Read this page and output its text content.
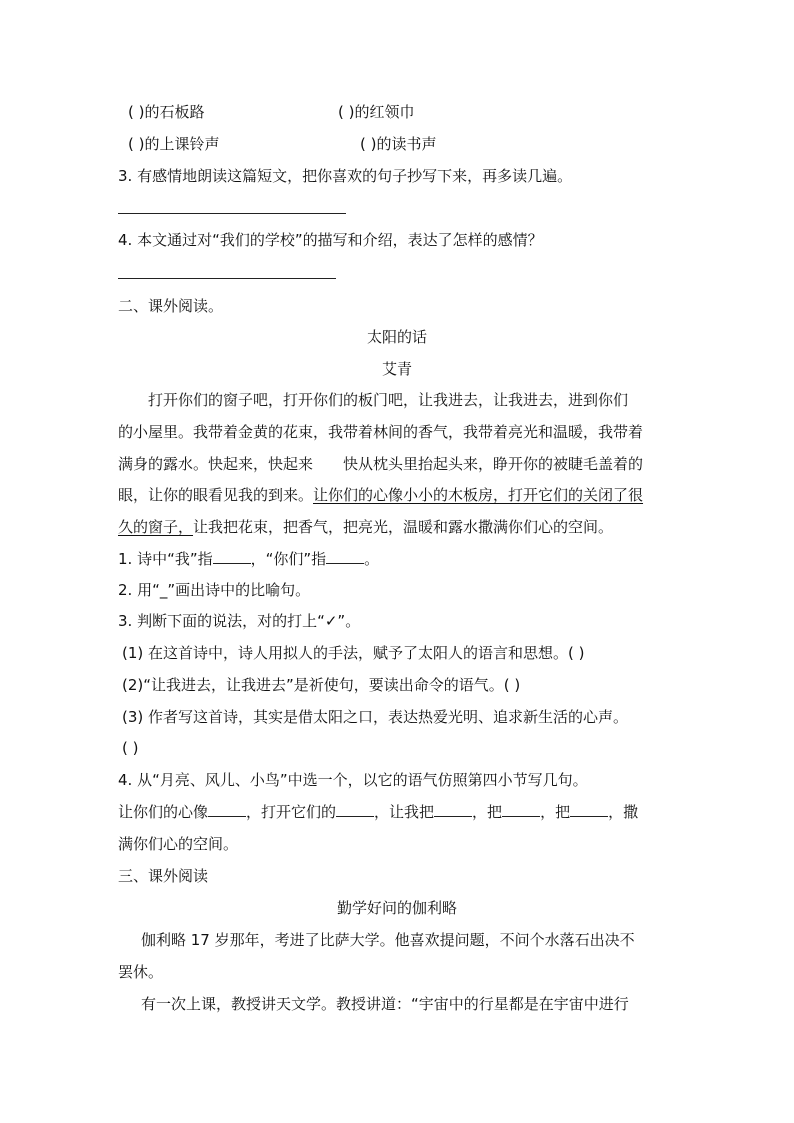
( )的石板路	( )的红领巾
( )的上课铃声	( )的读书声
3. 有感情地朗读这篇短文，把你喜欢的句子抄写下来，再多读几遍。
4. 本文通过对“我们的学校”的描写和介绍，表达了怎样的感情？
二、课外阅读。
太阳的话
艾青
　　打开你们的窗子吧，打开你们的板门吧，让我进去，让我进去，进到你们
的小屋里。我带着金黄的花束，我带着林间的香气，我带着亮光和温暖，我带着
满身的露水。快起来，快起来　　快从枕头里抬起头来，睁开你的被睫毛盖着的
眼，让你的眼看见我的到来。让你们的心像小小的木板房，打开它们的关闭了很
久的窗子，让我把花束，把香气，把亮光，温暖和露水撒满你们心的空间。
1. 诗中“我”指	，“你们”指	。
2. 用“_”画出诗中的比喻句。
3. 判断下面的说法，对的打上“✓”。
(1) 在这首诗中，诗人用拟人的手法，赋予了太阳人的语言和思想。( )
(2)“让我进去，让我进去”是祈使句，要读出命令的语气。( )
(3) 作者写这首诗，其实是借太阳之口，表达热爱光明、追求新生活的心声。
( )
4. 从“月亮、风儿、小鸟”中选一个，以它的语气仿照第四小节写几句。
让你们的心像	，打开它们的	，让我把	，把	，把	，撒
满你们心的空间。
三、课外阅读
勤学好问的伽利略
　伽利略 17 岁那年，考进了比萨大学。他喜欢提问题，不问个水落石出决不
罢休。
　有一次上课，教授讲天文学。教授讲道：“宇宙中的行星都是在宇宙中进行
